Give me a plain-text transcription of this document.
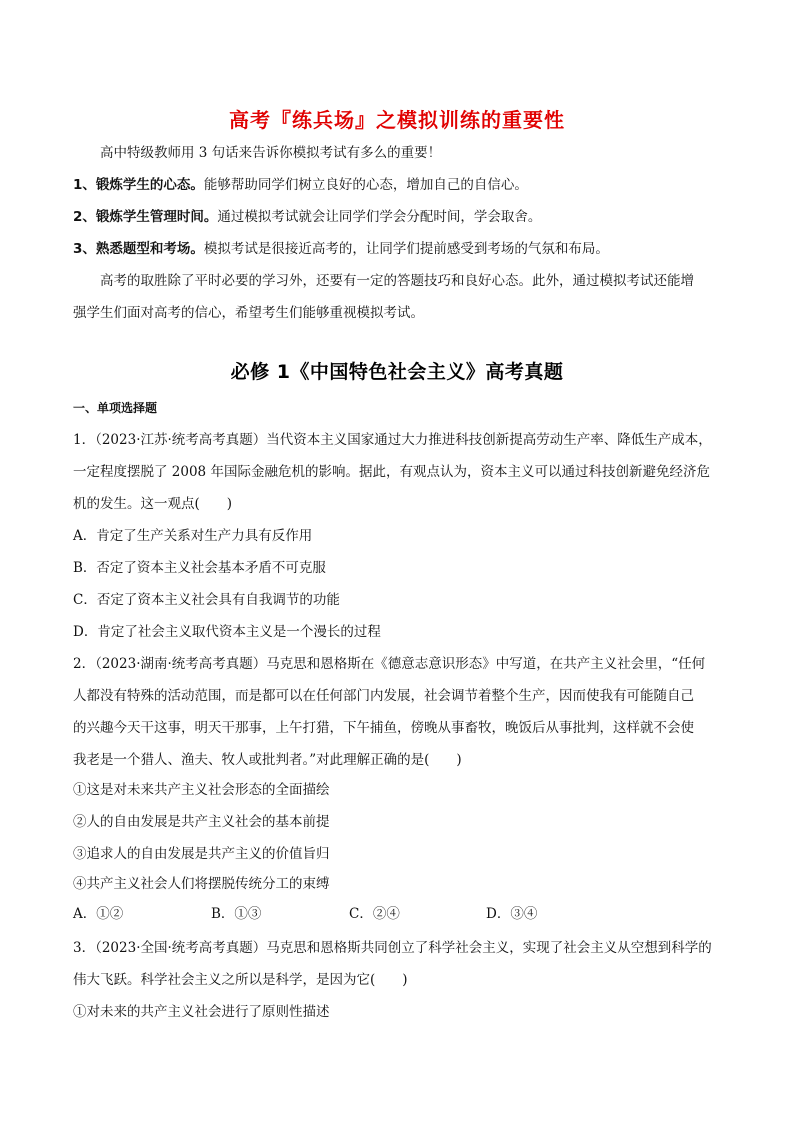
高考『练兵场』之模拟训练的重要性
高中特级教师用 3 句话来告诉你模拟考试有多么的重要！
1、锻炼学生的心态。能够帮助同学们树立良好的心态，增加自己的自信心。
2、锻炼学生管理时间。通过模拟考试就会让同学们学会分配时间，学会取舍。
3、熟悉题型和考场。模拟考试是很接近高考的，让同学们提前感受到考场的气氛和布局。
高考的取胜除了平时必要的学习外，还要有一定的答题技巧和良好心态。此外，通过模拟考试还能增
强学生们面对高考的信心，希望考生们能够重视模拟考试。
必修 1《中国特色社会主义》高考真题
一、单项选择题
1．（2023·江苏·统考高考真题）当代资本主义国家通过大力推进科技创新提高劳动生产率、降低生产成本，
一定程度摆脱了 2008 年国际金融危机的影响。据此，有观点认为，资本主义可以通过科技创新避免经济危
机的发生。这一观点(　　)
A．肯定了生产关系对生产力具有反作用
B．否定了资本主义社会基本矛盾不可克服
C．否定了资本主义社会具有自我调节的功能
D．肯定了社会主义取代资本主义是一个漫长的过程
2．（2023·湖南·统考高考真题）马克思和恩格斯在《德意志意识形态》中写道，在共产主义社会里，“任何
人都没有特殊的活动范围，而是都可以在任何部门内发展，社会调节着整个生产，因而使我有可能随自己
的兴趣今天干这事，明天干那事，上午打猎，下午捕鱼，傍晚从事畜牧，晚饭后从事批判，这样就不会使
我老是一个猎人、渔夫、牧人或批判者。”对此理解正确的是(　　)
①这是对未来共产主义社会形态的全面描绘
②人的自由发展是共产主义社会的基本前提
③追求人的自由发展是共产主义的价值旨归
④共产主义社会人们将摆脱传统分工的束缚
A．①②	B．①③	C．②④	D．③④
3．（2023·全国·统考高考真题）马克思和恩格斯共同创立了科学社会主义，实现了社会主义从空想到科学的
伟大飞跃。科学社会主义之所以是科学，是因为它(　　)
①对未来的共产主义社会进行了原则性描述
